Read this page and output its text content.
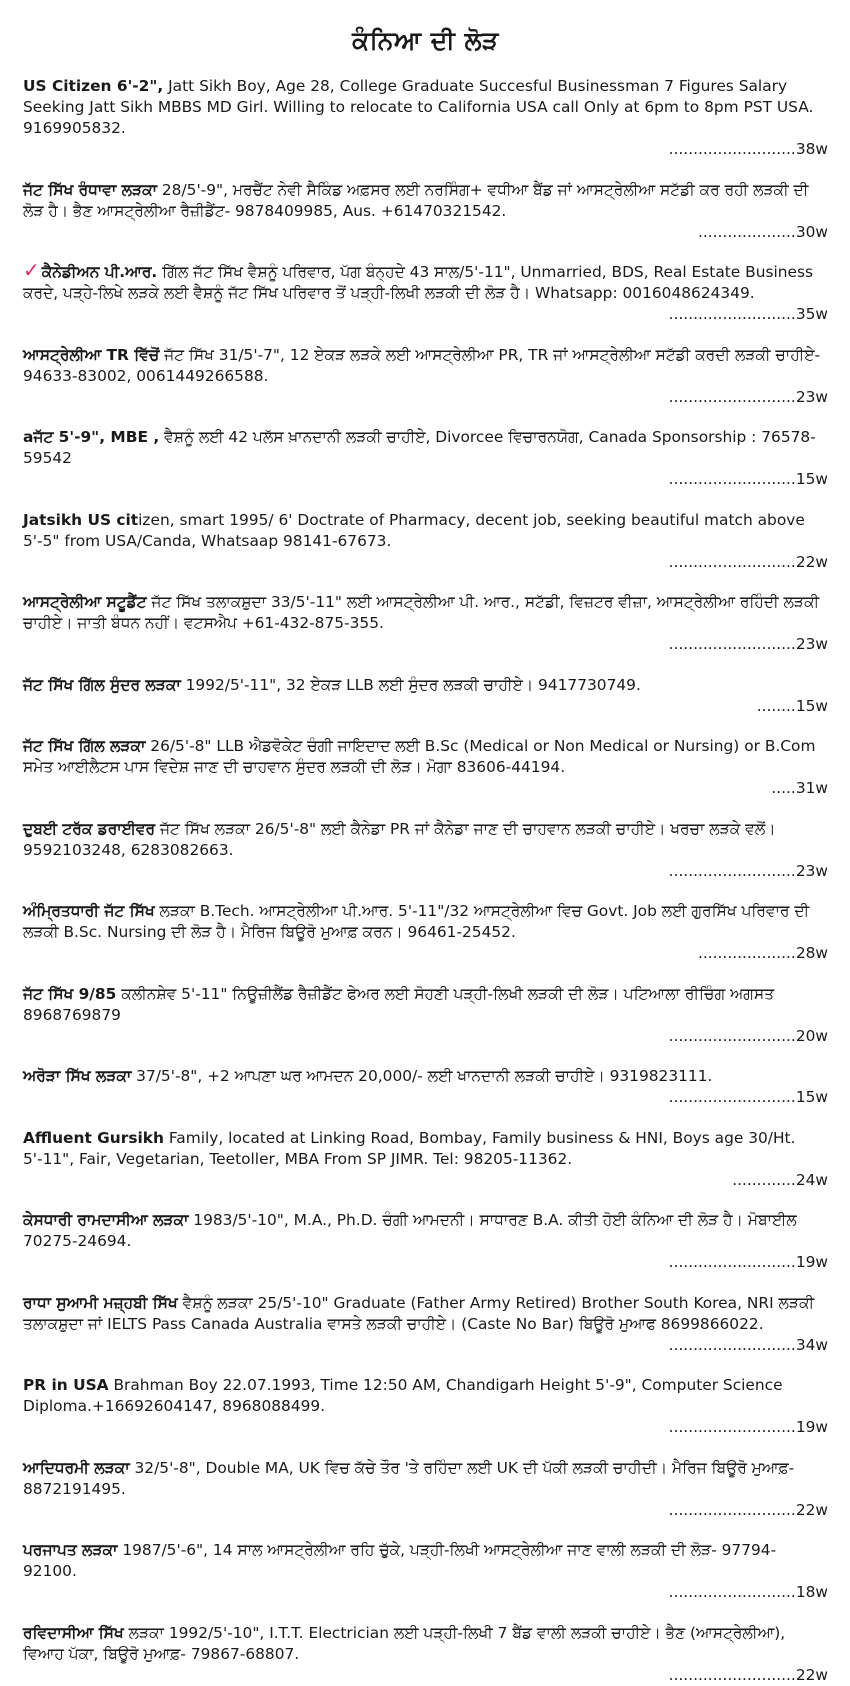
ਕੰਨਿਆ ਦੀ ਲੋੜ
US Citizen 6'-2", Jatt Sikh Boy, Age 28, College Graduate Succesful Businessman 7 Figures Salary Seeking Jatt Sikh MBBS MD Girl. Willing to relocate to California USA call Only at 6pm to 8pm PST USA. 9169905832.
..........................38w
ਜੱਟ ਸਿੱਖ ਰੰਧਾਵਾ ਲੜਕਾ 28/5'-9", ਮਰਚੈਂਟ ਨੇਵੀ ਸੈਕਿੰਡ ਅਫ਼ਸਰ ਲਈ ਨਰਸਿੰਗ+ ਵਧੀਆ ਬੈਂਡ ਜਾਂ ਆਸਟ੍ਰੇਲੀਆ ਸਟੱਡੀ ਕਰ ਰਹੀ ਲੜਕੀ ਦੀ ਲੋੜ ਹੈ। ਭੈਣ ਆਸਟ੍ਰੇਲੀਆ ਰੈਜ਼ੀਡੈਂਟ- 9878409985, Aus. +61470321542.
....................30w
✓ ਕੈਨੇਡੀਅਨ ਪੀ.ਆਰ. ਗਿੱਲ ਜੱਟ ਸਿੱਖ ਵੈਸ਼ਨੂੰ ਪਰਿਵਾਰ, ਪੱਗ ਬੰਨ੍ਹਦੇ 43 ਸਾਲ/5'-11", Unmarried, BDS, Real Estate Business ਕਰਦੇ, ਪੜ੍ਹੇ-ਲਿਖੇ ਲੜਕੇ ਲਈ ਵੈਸ਼ਨੂੰ ਜੱਟ ਸਿੱਖ ਪਰਿਵਾਰ ਤੋਂ ਪੜ੍ਹੀ-ਲਿਖੀ ਲੜਕੀ ਦੀ ਲੋੜ ਹੈ। Whatsapp: 0016048624349.
..........................35w
ਆਸਟ੍ਰੇਲੀਆ TR ਵਿੱਚੋਂ ਜੱਟ ਸਿੱਖ 31/5'-7", 12 ਏਕੜ ਲੜਕੇ ਲਈ ਆਸਟ੍ਰੇਲੀਆ PR, TR ਜਾਂ ਆਸਟ੍ਰੇਲੀਆ ਸਟੱਡੀ ਕਰਦੀ ਲੜਕੀ ਚਾਹੀਏ- 94633-83002, 0061449266588.
..........................23w
aਜੱਟ 5'-9", MBE , ਵੈਸ਼ਨੂੰ ਲਈ 42 ਪਲੱਸ ਖ਼ਾਨਦਾਨੀ ਲੜਕੀ ਚਾਹੀਏ, Divorcee ਵਿਚਾਰਨਯੋਗ, Canada Sponsorship : 76578-59542
..........................15w
Jatsikh US citizen, smart 1995/ 6' Doctrate of Pharmacy, decent job, seeking beautiful match above 5'-5" from USA/Canda, Whatsaap 98141-67673.
..........................22w
ਆਸਟ੍ਰੇਲੀਆ ਸਟੂਡੈਂਟ ਜੱਟ ਸਿੱਖ ਤਲਾਕਸ਼ੁਦਾ 33/5'-11" ਲਈ ਆਸਟ੍ਰੇਲੀਆ ਪੀ. ਆਰ., ਸਟੱਡੀ, ਵਿਜ਼ਟਰ ਵੀਜ਼ਾ, ਆਸਟ੍ਰੇਲੀਆ ਰਹਿੰਦੀ ਲੜਕੀ ਚਾਹੀਏ। ਜਾਤੀ ਬੰਧਨ ਨਹੀਂ। ਵਟਸਐਪ +61-432-875-355.
..........................23w
ਜੱਟ ਸਿੱਖ ਗਿੱਲ ਸੁੰਦਰ ਲੜਕਾ 1992/5'-11", 32 ਏਕੜ LLB ਲਈ ਸੁੰਦਰ ਲੜਕੀ ਚਾਹੀਏ। 9417730749.
........15w
ਜੱਟ ਸਿੱਖ ਗਿੱਲ ਲੜਕਾ 26/5'-8" LLB ਐਡਵੋਕੇਟ ਚੰਗੀ ਜਾਇਦਾਦ ਲਈ B.Sc (Medical or Non Medical or Nursing) or B.Com ਸਮੇਤ ਆਈਲੈਟਸ ਪਾਸ ਵਿਦੇਸ਼ ਜਾਣ ਦੀ ਚਾਹਵਾਨ ਸੁੰਦਰ ਲੜਕੀ ਦੀ ਲੋੜ। ਮੋਗਾ 83606-44194.
.....31w
ਦੁਬਈ ਟਰੱਕ ਡਰਾਈਵਰ ਜੱਟ ਸਿੱਖ ਲੜਕਾ 26/5'-8" ਲਈ ਕੈਨੇਡਾ PR ਜਾਂ ਕੈਨੇਡਾ ਜਾਣ ਦੀ ਚਾਹਵਾਨ ਲੜਕੀ ਚਾਹੀਏ। ਖਰਚਾ ਲੜਕੇ ਵਲੋਂ। 9592103248, 6283082663.
..........................23w
ਅੰਮ੍ਰਿਤਧਾਰੀ ਜੱਟ ਸਿੱਖ ਲੜਕਾ B.Tech. ਆਸਟ੍ਰੇਲੀਆ ਪੀ.ਆਰ. 5'-11"/32 ਆਸਟ੍ਰੇਲੀਆ ਵਿਚ Govt. Job ਲਈ ਗੁਰਸਿੱਖ ਪਰਿਵਾਰ ਦੀ ਲੜਕੀ B.Sc. Nursing ਦੀ ਲੋੜ ਹੈ। ਮੈਰਿਜ ਬਿਊਰੋ ਮੁਆਫ਼ ਕਰਨ। 96461-25452.
....................28w
ਜੱਟ ਸਿੱਖ 9/85 ਕਲੀਨਸ਼ੇਵ 5'-11" ਨਿਊਜ਼ੀਲੈਂਡ ਰੈਜ਼ੀਡੈਂਟ ਫੇਅਰ ਲਈ ਸੋਹਣੀ ਪੜ੍ਹੀ-ਲਿਖੀ ਲੜਕੀ ਦੀ ਲੋੜ। ਪਟਿਆਲਾ ਰੀਚਿੰਗ ਅਗਸਤ 8968769879
..........................20w
ਅਰੋੜਾ ਸਿੱਖ ਲੜਕਾ 37/5'-8", +2 ਆਪਣਾ ਘਰ ਆਮਦਨ 20,000/- ਲਈ ਖਾਨਦਾਨੀ ਲੜਕੀ ਚਾਹੀਏ। 9319823111.
..........................15w
Affluent Gursikh Family, located at Linking Road, Bombay, Family business & HNI, Boys age 30/Ht. 5'-11", Fair, Vegetarian, Teetoller, MBA From SP JIMR. Tel: 98205-11362.
.............24w
ਕੇਸਧਾਰੀ ਰਾਮਦਾਸੀਆ ਲੜਕਾ 1983/5'-10", M.A., Ph.D. ਚੰਗੀ ਆਮਦਨੀ। ਸਾਧਾਰਣ B.A. ਕੀਤੀ ਹੋਈ ਕੰਨਿਆ ਦੀ ਲੋੜ ਹੈ। ਮੋਬਾਈਲ 70275-24694.
..........................19w
ਰਾਧਾ ਸੁਆਮੀ ਮਜ਼੍ਹਬੀ ਸਿੱਖ ਵੈਸ਼ਨੂੰ ਲੜਕਾ 25/5'-10" Graduate (Father Army Retired) Brother South Korea, NRI ਲੜਕੀ ਤਲਾਕਸ਼ੁਦਾ ਜਾਂ IELTS Pass Canada Australia ਵਾਸਤੇ ਲੜਕੀ ਚਾਹੀਏ। (Caste No Bar) ਬਿਊਰੋ ਮੁਆਫ 8699866022.
..........................34w
PR in USA Brahman Boy 22.07.1993, Time 12:50 AM, Chandigarh Height 5'-9", Computer Science Diploma.+16692604147, 8968088499.
..........................19w
ਆਦਿਧਰਮੀ ਲੜਕਾ 32/5'-8", Double MA, UK ਵਿਚ ਕੱਚੇ ਤੌਰ 'ਤੇ ਰਹਿੰਦਾ ਲਈ UK ਦੀ ਪੱਕੀ ਲੜਕੀ ਚਾਹੀਦੀ। ਮੈਰਿਜ ਬਿਊਰੋ ਮੁਆਫ਼- 8872191495.
..........................22w
ਪਰਜਾਪਤ ਲੜਕਾ 1987/5'-6", 14 ਸਾਲ ਆਸਟ੍ਰੇਲੀਆ ਰਹਿ ਚੁੱਕੇ, ਪੜ੍ਹੀ-ਲਿਖੀ ਆਸਟ੍ਰੇਲੀਆ ਜਾਣ ਵਾਲੀ ਲੜਕੀ ਦੀ ਲੋੜ- 97794-92100.
..........................18w
ਰਵਿਦਾਸੀਆ ਸਿੱਖ ਲੜਕਾ 1992/5'-10", I.T.T. Electrician ਲਈ ਪੜ੍ਹੀ-ਲਿਖੀ 7 ਬੈਂਡ ਵਾਲੀ ਲੜਕੀ ਚਾਹੀਏ। ਭੈਣ (ਆਸਟ੍ਰੇਲੀਆ), ਵਿਆਹ ਪੱਕਾ, ਬਿਊਰੋ ਮੁਆਫ਼- 79867-68807.
..........................22w
